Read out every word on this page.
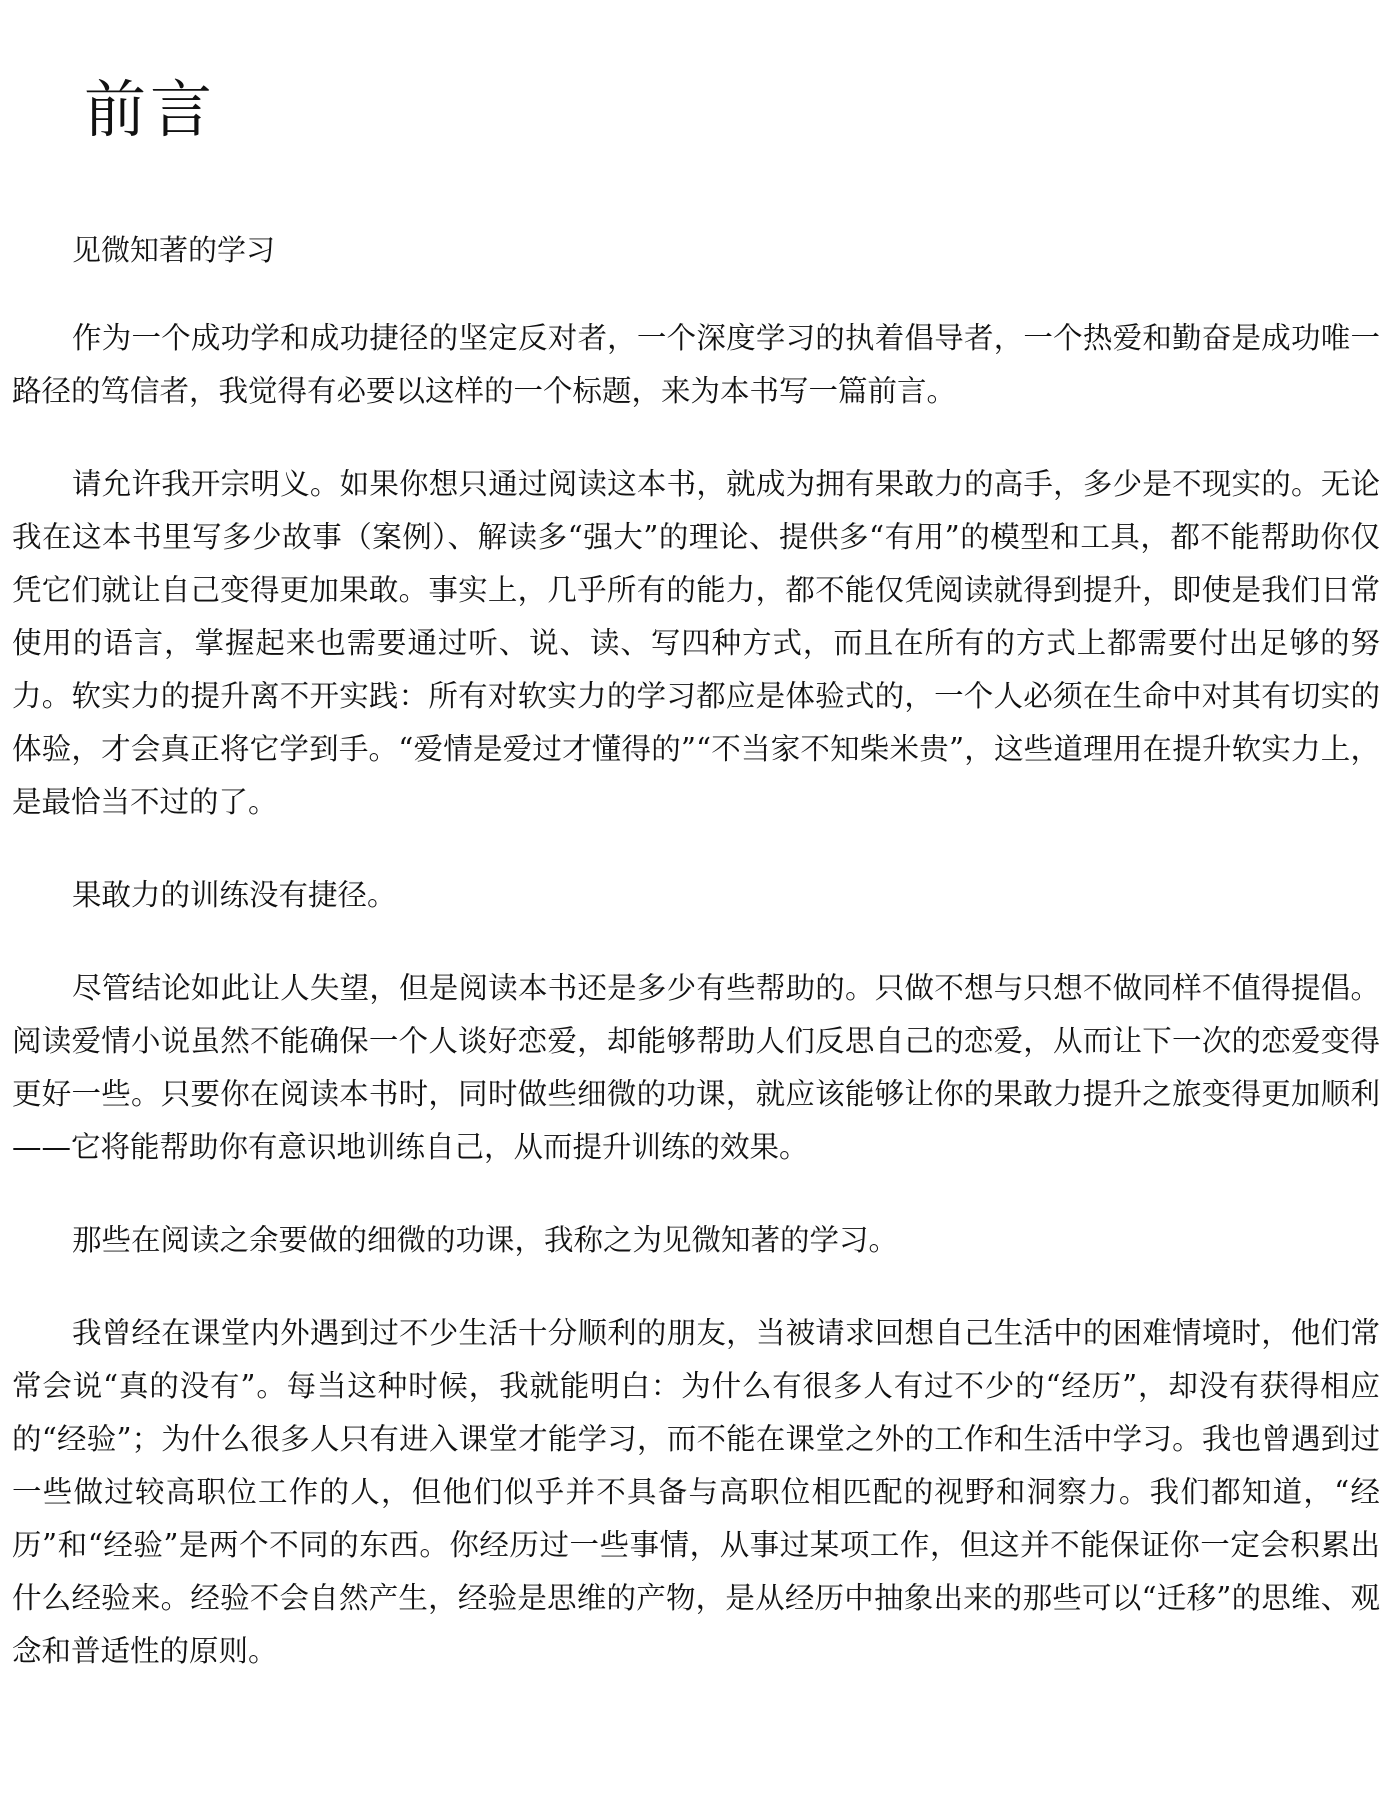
前言

见微知著的学习

作为一个成功学和成功捷径的坚定反对者，一个深度学习的执着倡导者，一个热爱和勤奋是成功唯一路径的笃信者，我觉得有必要以这样的一个标题，来为本书写一篇前言。

请允许我开宗明义。如果你想只通过阅读这本书，就成为拥有果敢力的高手，多少是不现实的。无论我在这本书里写多少故事（案例）、解读多“强大”的理论、提供多“有用”的模型和工具，都不能帮助你仅凭它们就让自己变得更加果敢。事实上，几乎所有的能力，都不能仅凭阅读就得到提升，即使是我们日常使用的语言，掌握起来也需要通过听、说、读、写四种方式，而且在所有的方式上都需要付出足够的努力。软实力的提升离不开实践：所有对软实力的学习都应是体验式的，一个人必须在生命中对其有切实的体验，才会真正将它学到手。“爱情是爱过才懂得的”“不当家不知柴米贵”，这些道理用在提升软实力上，是最恰当不过的了。

果敢力的训练没有捷径。

尽管结论如此让人失望，但是阅读本书还是多少有些帮助的。只做不想与只想不做同样不值得提倡。阅读爱情小说虽然不能确保一个人谈好恋爱，却能够帮助人们反思自己的恋爱，从而让下一次的恋爱变得更好一些。只要你在阅读本书时，同时做些细微的功课，就应该能够让你的果敢力提升之旅变得更加顺利——它将能帮助你有意识地训练自己，从而提升训练的效果。

那些在阅读之余要做的细微的功课，我称之为见微知著的学习。

我曾经在课堂内外遇到过不少生活十分顺利的朋友，当被请求回想自己生活中的困难情境时，他们常常会说“真的没有”。每当这种时候，我就能明白：为什么有很多人有过不少的“经历”，却没有获得相应的“经验”；为什么很多人只有进入课堂才能学习，而不能在课堂之外的工作和生活中学习。我也曾遇到过一些做过较高职位工作的人，但他们似乎并不具备与高职位相匹配的视野和洞察力。我们都知道，“经历”和“经验”是两个不同的东西。你经历过一些事情，从事过某项工作，但这并不能保证你一定会积累出什么经验来。经验不会自然产生，经验是思维的产物，是从经历中抽象出来的那些可以“迁移”的思维、观念和普适性的原则。
